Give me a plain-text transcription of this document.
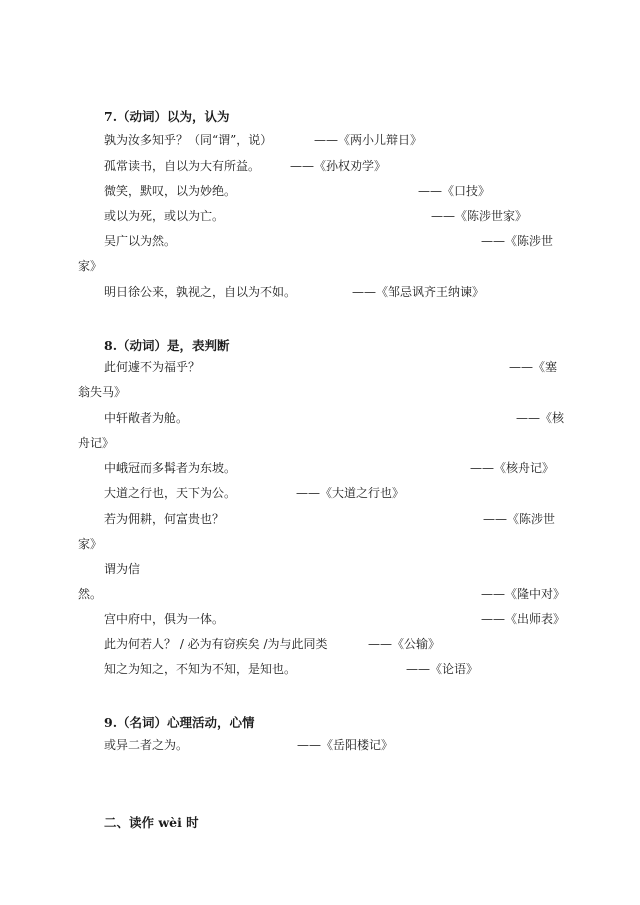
7.（动词）以为，认为
孰为汝多知乎？（同“谓”，说）	——《两小儿辩日》
孤常读书，自以为大有所益。 ——《孙权劝学》
微笑，默叹，以为妙绝。	——《口技》
或以为死，或以为亡。	——《陈涉世家》
吴广以为然。	——《陈涉世
家》
明日徐公来，孰视之，自以为不如。	——《邹忌讽齐王纳谏》
8.（动词）是，表判断
此何遽不为福乎？	——《塞
翁失马》
中轩敞者为舱。	——《核
舟记》
中峨冠而多髯者为东坡。	——《核舟记》
大道之行也，天下为公。	——《大道之行也》
若为佣耕，何富贵也？	——《陈涉世
家》
谓为信
然。	——《隆中对》
宫中府中，俱为一体。	——《出师表》
此为何若人？ / 必为有窃疾矣 /为与此同类	——《公输》
知之为知之，不知为不知，是知也。	——《论语》
9.（名词）心理活动，心情
或异二者之为。	——《岳阳楼记》
二、读作 wèi 时
